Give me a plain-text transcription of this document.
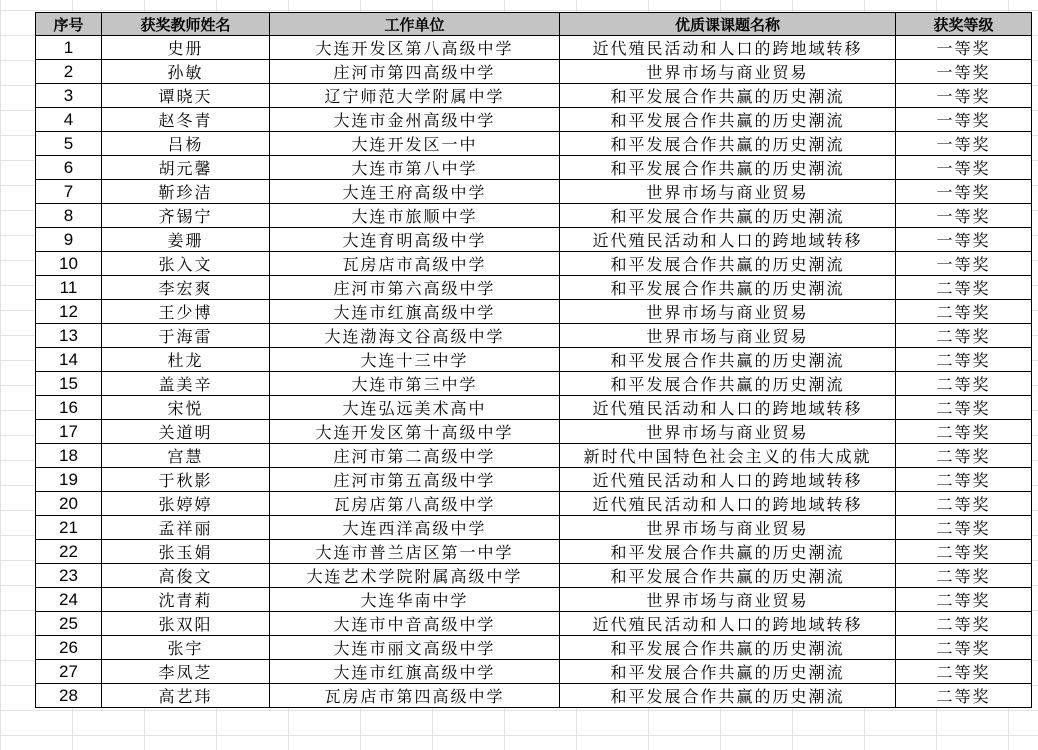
序号	获奖教师姓名	工作单位	优质课课题名称	获奖等级
1	史册	大连开发区第八高级中学	近代殖民活动和人口的跨地域转移	一等奖
2	孙敏	庄河市第四高级中学	世界市场与商业贸易	一等奖
3	谭晓天	辽宁师范大学附属中学	和平发展合作共赢的历史潮流	一等奖
4	赵冬青	大连市金州高级中学	和平发展合作共赢的历史潮流	一等奖
5	吕杨	大连开发区一中	和平发展合作共赢的历史潮流	一等奖
6	胡元馨	大连市第八中学	和平发展合作共赢的历史潮流	一等奖
7	靳珍洁	大连王府高级中学	世界市场与商业贸易	一等奖
8	齐锡宁	大连市旅顺中学	和平发展合作共赢的历史潮流	一等奖
9	姜珊	大连育明高级中学	近代殖民活动和人口的跨地域转移	一等奖
10	张入文	瓦房店市高级中学	和平发展合作共赢的历史潮流	一等奖
11	李宏爽	庄河市第六高级中学	和平发展合作共赢的历史潮流	二等奖
12	王少博	大连市红旗高级中学	世界市场与商业贸易	二等奖
13	于海雷	大连渤海文谷高级中学	世界市场与商业贸易	二等奖
14	杜龙	大连十三中学	和平发展合作共赢的历史潮流	二等奖
15	盖美辛	大连市第三中学	和平发展合作共赢的历史潮流	二等奖
16	宋悦	大连弘远美术高中	近代殖民活动和人口的跨地域转移	二等奖
17	关道明	大连开发区第十高级中学	世界市场与商业贸易	二等奖
18	宫慧	庄河市第二高级中学	新时代中国特色社会主义的伟大成就	二等奖
19	于秋影	庄河市第五高级中学	近代殖民活动和人口的跨地域转移	二等奖
20	张婷婷	瓦房店第八高级中学	近代殖民活动和人口的跨地域转移	二等奖
21	孟祥丽	大连西洋高级中学	世界市场与商业贸易	二等奖
22	张玉娟	大连市普兰店区第一中学	和平发展合作共赢的历史潮流	二等奖
23	高俊文	大连艺术学院附属高级中学	和平发展合作共赢的历史潮流	二等奖
24	沈青莉	大连华南中学	世界市场与商业贸易	二等奖
25	张双阳	大连市中音高级中学	近代殖民活动和人口的跨地域转移	二等奖
26	张宇	大连市丽文高级中学	和平发展合作共赢的历史潮流	二等奖
27	李凤芝	大连市红旗高级中学	和平发展合作共赢的历史潮流	二等奖
28	高艺玮	瓦房店市第四高级中学	和平发展合作共赢的历史潮流	二等奖
